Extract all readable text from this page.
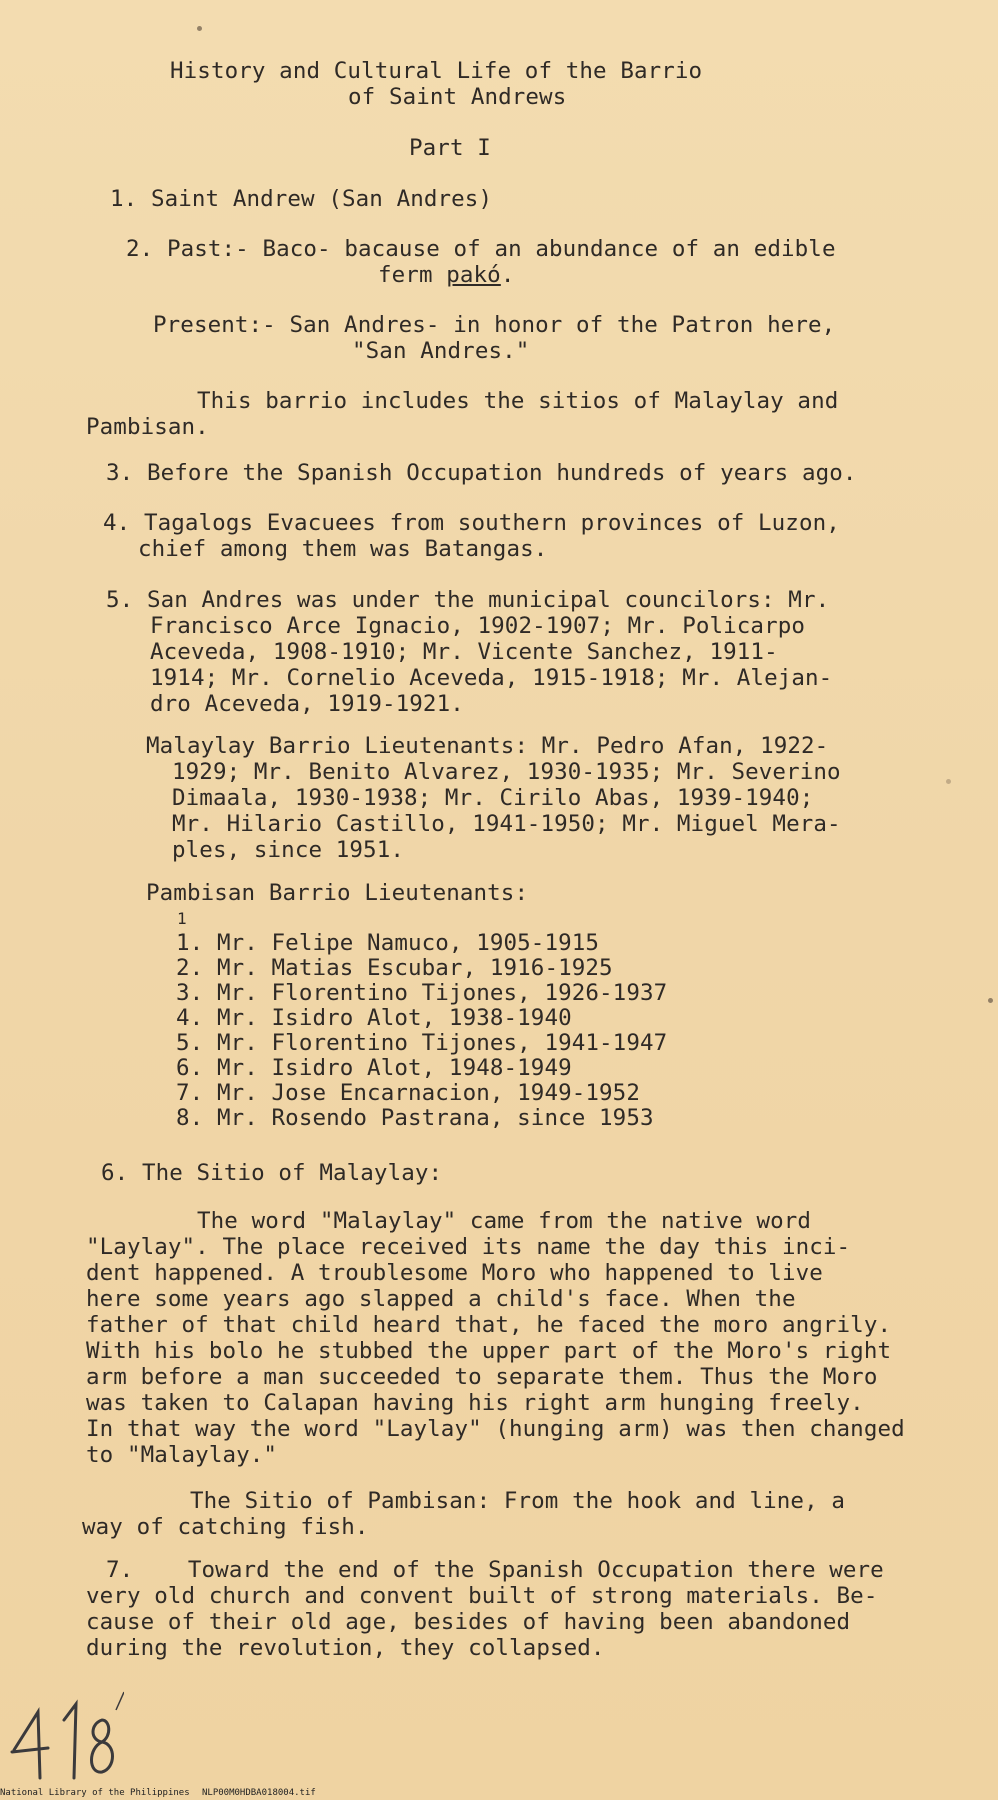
History and Cultural Life of the Barrio
of Saint Andrews
Part I
1. Saint Andrew (San Andres)
2. Past:- Baco- bacause of an abundance of an edible
ferm pakó.
Present:- San Andres- in honor of the Patron here,
"San Andres."
This barrio includes the sitios of Malaylay and
Pambisan.
3. Before the Spanish Occupation hundreds of years ago.
4. Tagalogs Evacuees from southern provinces of Luzon,
chief among them was Batangas.
5. San Andres was under the municipal councilors: Mr.
Francisco Arce Ignacio, 1902-1907; Mr. Policarpo
Aceveda, 1908-1910; Mr. Vicente Sanchez, 1911-
1914; Mr. Cornelio Aceveda, 1915-1918; Mr. Alejan-
dro Aceveda, 1919-1921.
Malaylay Barrio Lieutenants: Mr. Pedro Afan, 1922-
1929; Mr. Benito Alvarez, 1930-1935; Mr. Severino
Dimaala, 1930-1938; Mr. Cirilo Abas, 1939-1940;
Mr. Hilario Castillo, 1941-1950; Mr. Miguel Mera-
ples, since 1951.
Pambisan Barrio Lieutenants:
1
1. Mr. Felipe Namuco, 1905-1915
2. Mr. Matias Escubar, 1916-1925
3. Mr. Florentino Tijones, 1926-1937
4. Mr. Isidro Alot, 1938-1940
5. Mr. Florentino Tijones, 1941-1947
6. Mr. Isidro Alot, 1948-1949
7. Mr. Jose Encarnacion, 1949-1952
8. Mr. Rosendo Pastrana, since 1953
6. The Sitio of Malaylay:
The word "Malaylay" came from the native word
"Laylay". The place received its name the day this inci-
dent happened. A troublesome Moro who happened to live
here some years ago slapped a child's face. When the
father of that child heard that, he faced the moro angrily.
With his bolo he stubbed the upper part of the Moro's right
arm before a man succeeded to separate them. Thus the Moro
was taken to Calapan having his right arm hunging freely.
In that way the word "Laylay" (hunging arm) was then changed
to "Malaylay."
The Sitio of Pambisan: From the hook and line, a
way of catching fish.
7.    Toward the end of the Spanish Occupation there were
very old church and convent built of strong materials. Be-
cause of their old age, besides of having been abandoned
during the revolution, they collapsed.
National Library of the Philippines NLP00M0HDBA018004.tif
